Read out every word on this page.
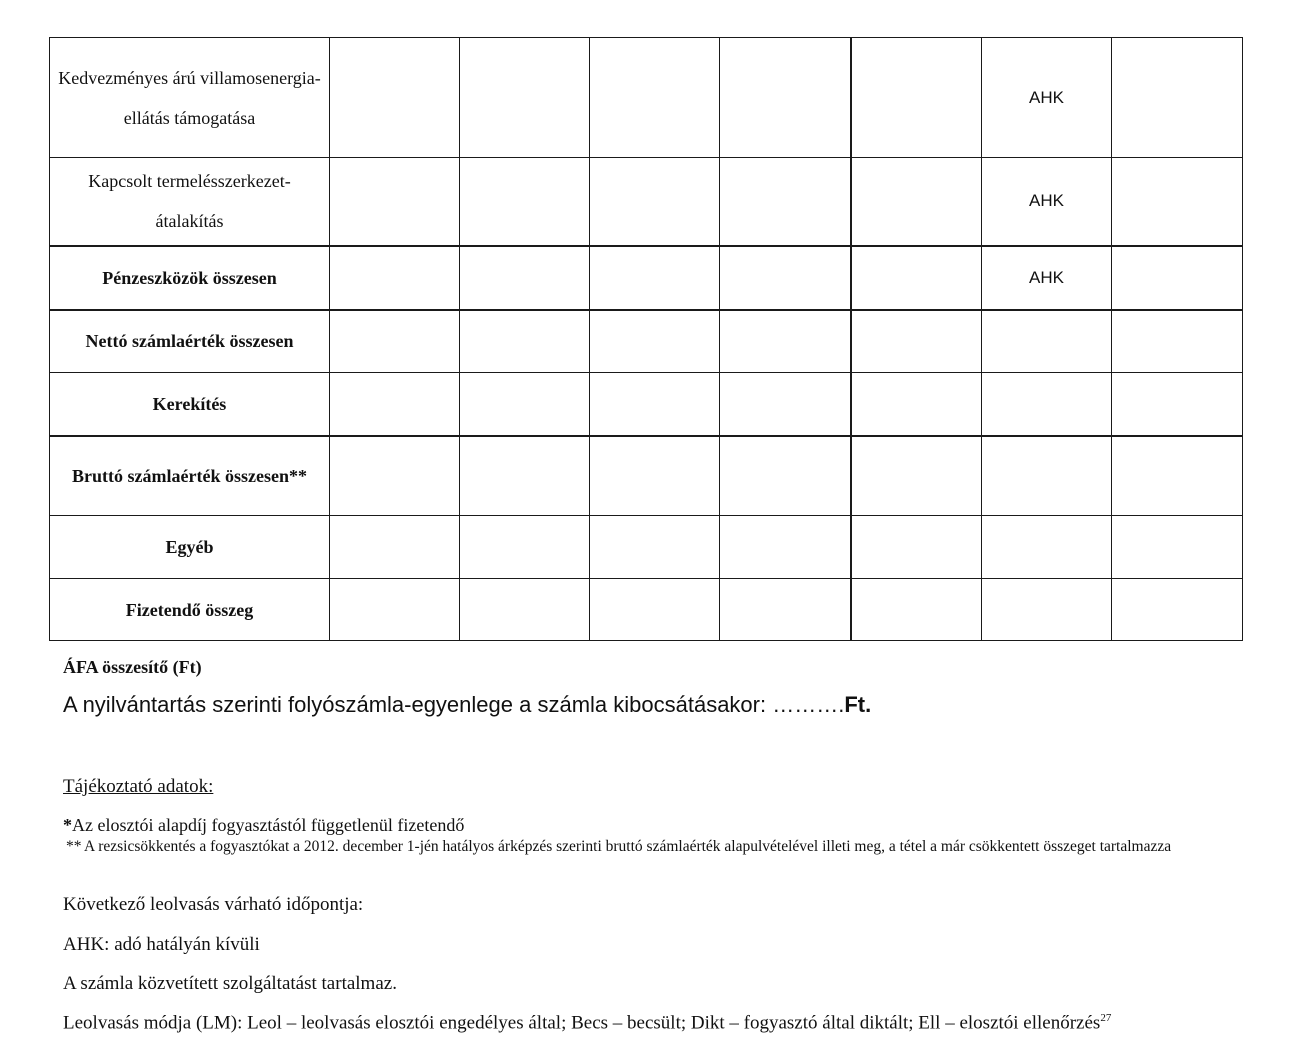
Kedvezményes árú villamosenergia-ellátás támogatása						AHK	
Kapcsolt termelésszerkezet-átalakítás						AHK	
Pénzeszközök összesen						AHK	
Nettó számlaérték összesen							
Kerekítés							
Bruttó számlaérték összesen**							
Egyéb							
Fizetendő összeg							
ÁFA összesítő (Ft)
A nyilvántartás szerinti folyószámla-egyenlege a számla kibocsátásakor: ……….Ft.
Tájékoztató adatok:
*Az elosztói alapdíj fogyasztástól függetlenül fizetendő
** A rezsicsökkentés a fogyasztókat a 2012. december 1-jén hatályos árképzés szerinti bruttó számlaérték alapulvételével illeti meg, a tétel a már csökkentett összeget tartalmazza
Következő leolvasás várható időpontja:
AHK: adó hatályán kívüli
A számla közvetített szolgáltatást tartalmaz.
Leolvasás módja (LM): Leol – leolvasás elosztói engedélyes által; Becs – becsült; Dikt – fogyasztó által diktált; Ell – elosztói ellenőrzés$^{27}$
